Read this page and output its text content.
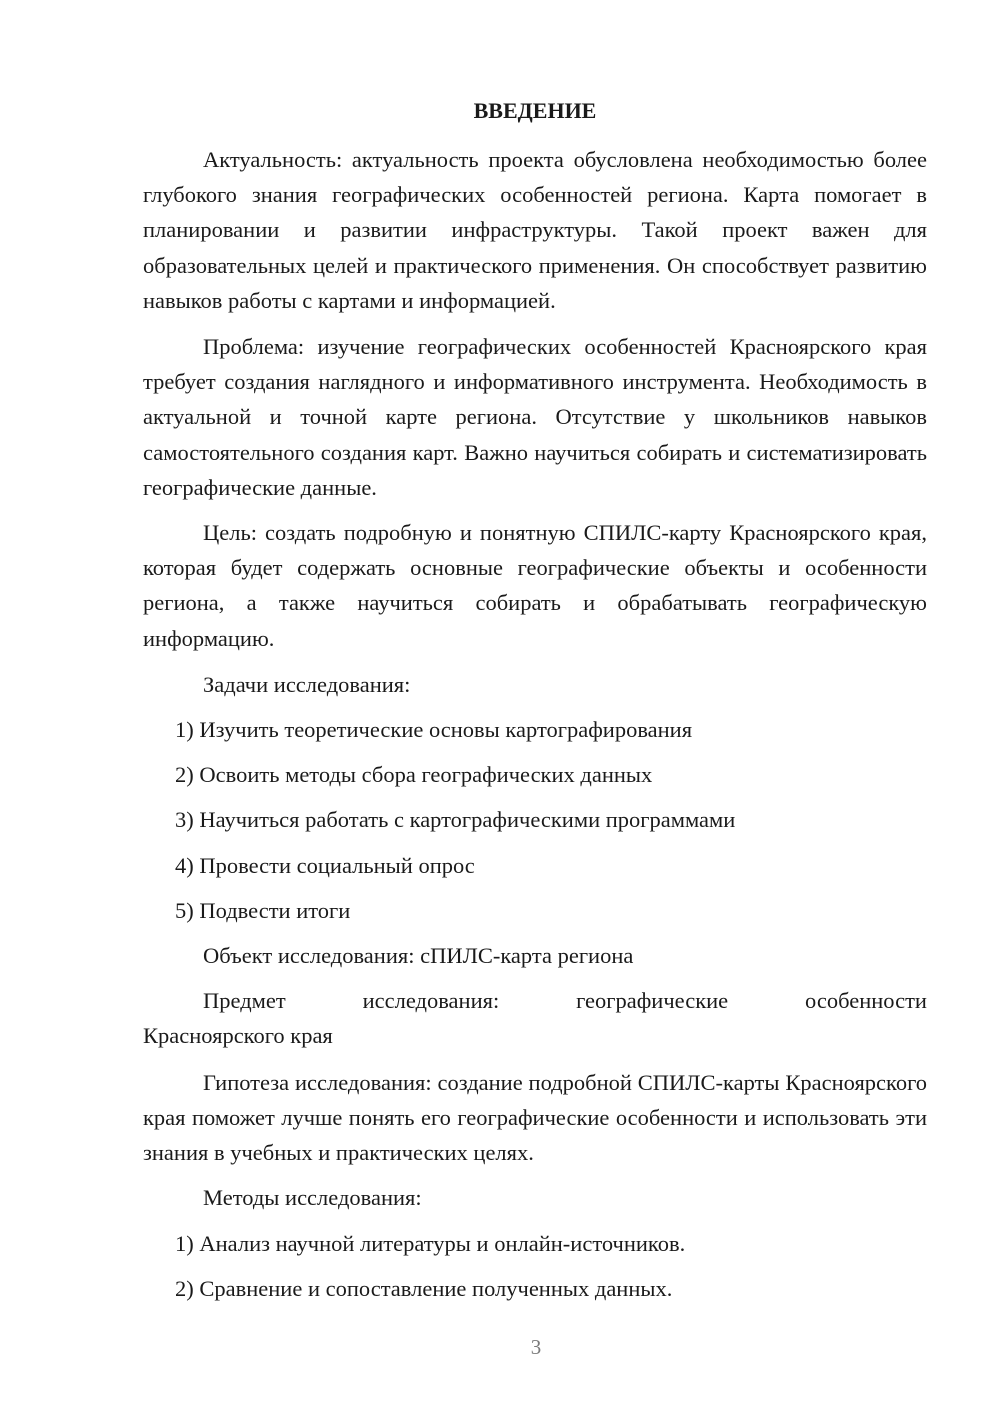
ВВЕДЕНИЕ
Актуальность: актуальность проекта обусловлена необходимостью более глубокого знания географических особенностей региона. Карта помогает в планировании и развитии инфраструктуры. Такой проект важен для образовательных целей и практического применения. Он способствует развитию навыков работы с картами и информацией.
Проблема: изучение географических особенностей Красноярского края требует создания наглядного и информативного инструмента. Необходимость в актуальной и точной карте региона. Отсутствие у школьников навыков самостоятельного создания карт. Важно научиться собирать и систематизировать географические данные.
Цель: создать подробную и понятную СПИЛС-карту Красноярского края, которая будет содержать основные географические объекты и особенности региона, а также научиться собирать и обрабатывать географическую информацию.
Задачи исследования:
1) Изучить теоретические основы картографирования
2) Освоить методы сбора географических данных
3) Научиться работать с картографическими программами
4) Провести социальный опрос
5) Подвести итоги
Объект исследования: сПИЛС-карта региона
Предмет	исследования:	географические	особенности
Красноярского края
Гипотеза исследования: создание подробной СПИЛС-карты Красноярского края поможет лучше понять его географические особенности и использовать эти знания в учебных и практических целях.
Методы исследования:
1) Анализ научной литературы и онлайн-источников.
2) Сравнение и сопоставление полученных данных.
3
